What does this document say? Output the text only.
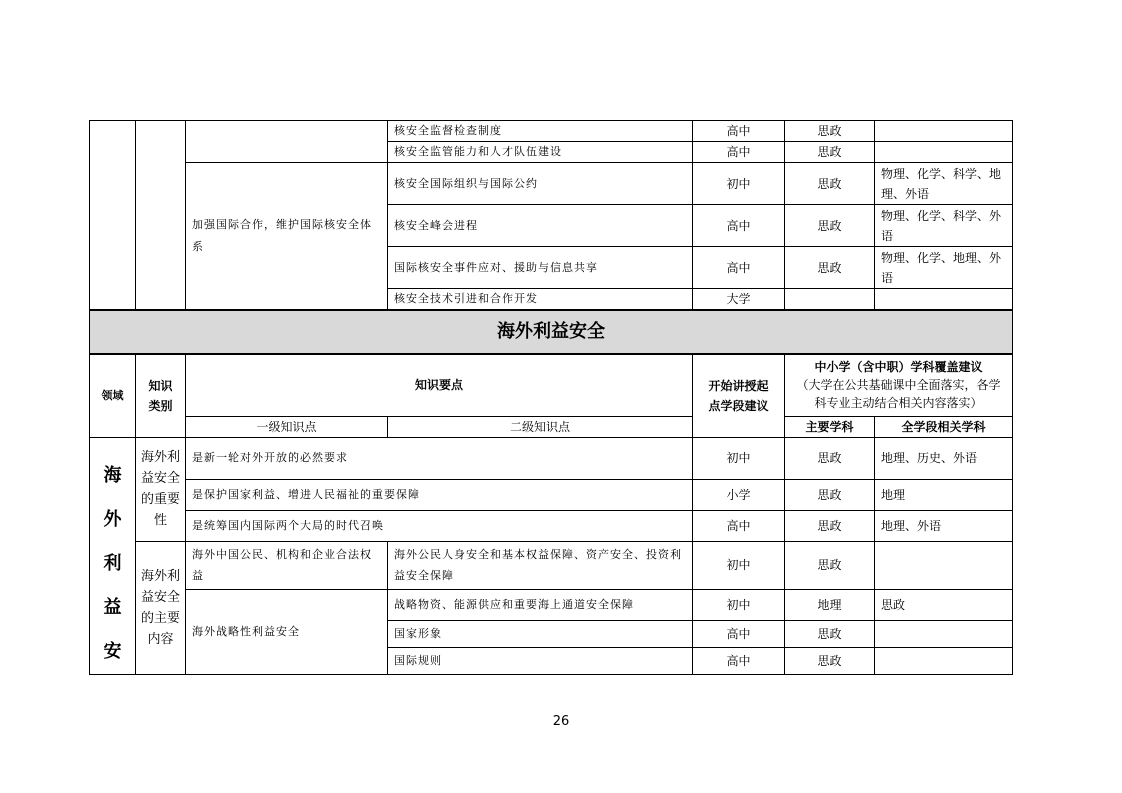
			核安全监督检查制度	高中	思政	
			核安全监管能力和人才队伍建设	高中	思政	
		加强国际合作，维护国际核安全体系	核安全国际组织与国际公约	初中	思政	物理、化学、科学、地理、外语
			核安全峰会进程	高中	思政	物理、化学、科学、外语
			国际核安全事件应对、援助与信息共享	高中	思政	物理、化学、地理、外语
			核安全技术引进和合作开发	大学		
海外利益安全						
领域	知识类别	知识要点		开始讲授起点学段建议	中小学（含中职）学科覆盖建议
（大学在公共基础课中全面落实，各学科专业主动结合相关内容落实）	

		一级知识点	二级知识点		主要学科	全学段相关学科

海
外
利
益
安	海外利益安全的重要性	是新一轮对外开放的必然要求		初中	思政	地理、历史、外语
		是保护国家利益、增进人民福祉的重要保障		小学	思政	地理
		是统筹国内国际两个大局的时代召唤		高中	思政	地理、外语
	海外利益安全的主要内容	海外中国公民、机构和企业合法权益	海外公民人身安全和基本权益保障、资产安全、投资利益安全保障	初中	思政	
		海外战略性利益安全	战略物资、能源供应和重要海上通道安全保障	初中	地理	思政
			国家形象	高中	思政	
			国际规则	高中	思政	
26
